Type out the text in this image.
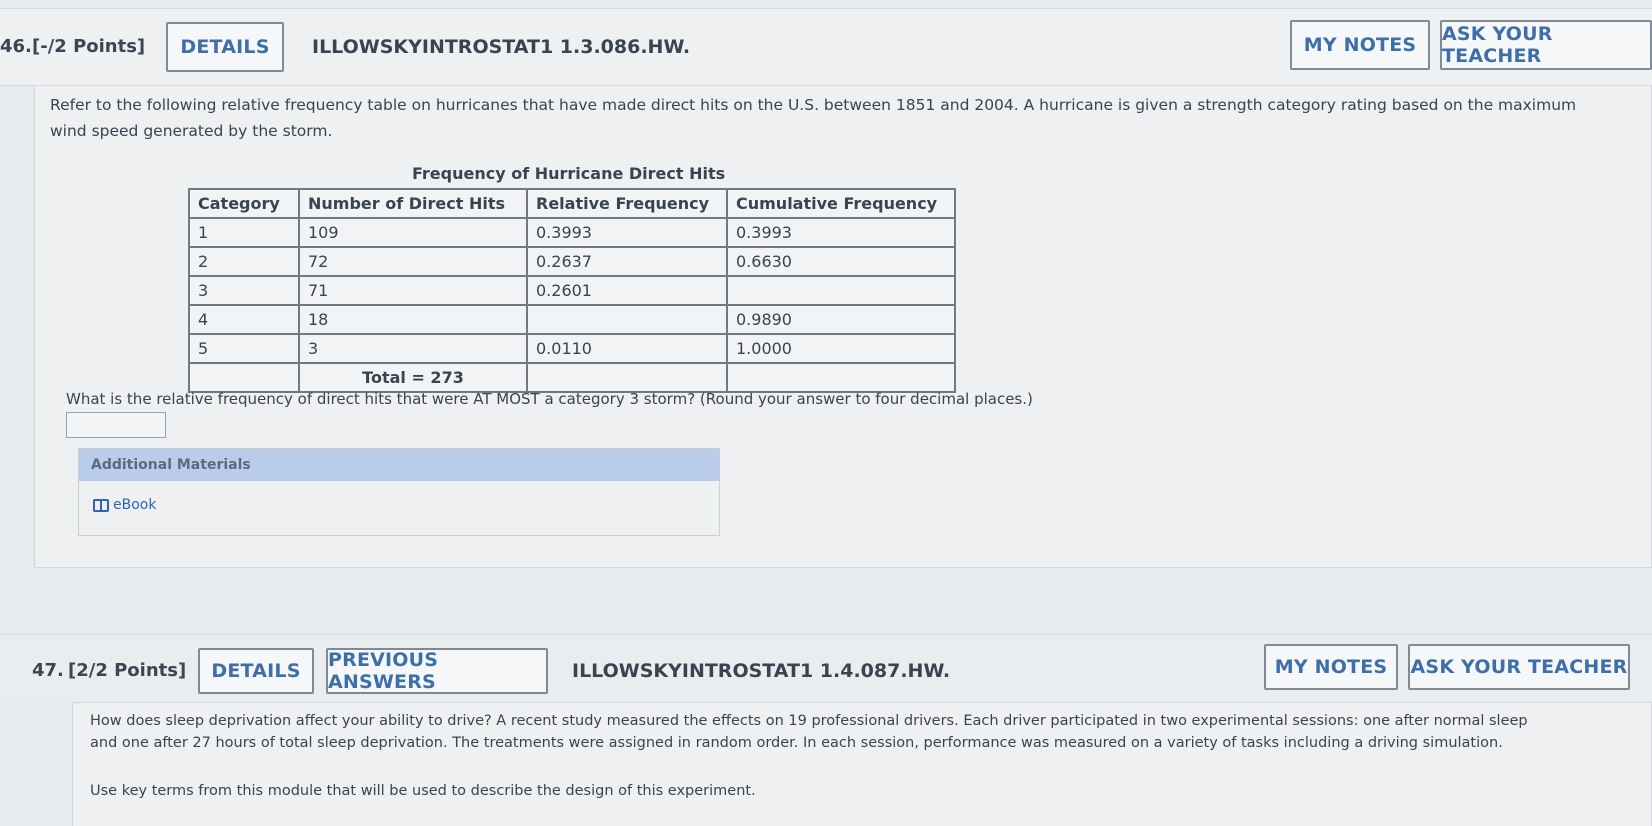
46. [-/2 Points]	DETAILS	ILLOWSKYINTROSTAT1 1.3.086.HW.	MY NOTES	ASK YOUR TEACHER
Refer to the following relative frequency table on hurricanes that have made direct hits on the U.S. between 1851 and 2004. A hurricane is given a strength category rating based on the maximum
wind speed generated by the storm.
Frequency of Hurricane Direct Hits
Category	Number of Direct Hits	Relative Frequency	Cumulative Frequency
1	109	0.3993	0.3993
2	72	0.2637	0.6630
3	71	0.2601	
4	18		0.9890
5	3	0.0110	1.0000
	Total = 273		
What is the relative frequency of direct hits that were AT MOST a category 3 storm? (Round your answer to four decimal places.)
Additional Materials
eBook
47. [2/2 Points]	DETAILS	PREVIOUS ANSWERS	ILLOWSKYINTROSTAT1 1.4.087.HW.	MY NOTES	ASK YOUR TEACHER
How does sleep deprivation affect your ability to drive? A recent study measured the effects on 19 professional drivers. Each driver participated in two experimental sessions: one after normal sleep
and one after 27 hours of total sleep deprivation. The treatments were assigned in random order. In each session, performance was measured on a variety of tasks including a driving simulation.
Use key terms from this module that will be used to describe the design of this experiment.
